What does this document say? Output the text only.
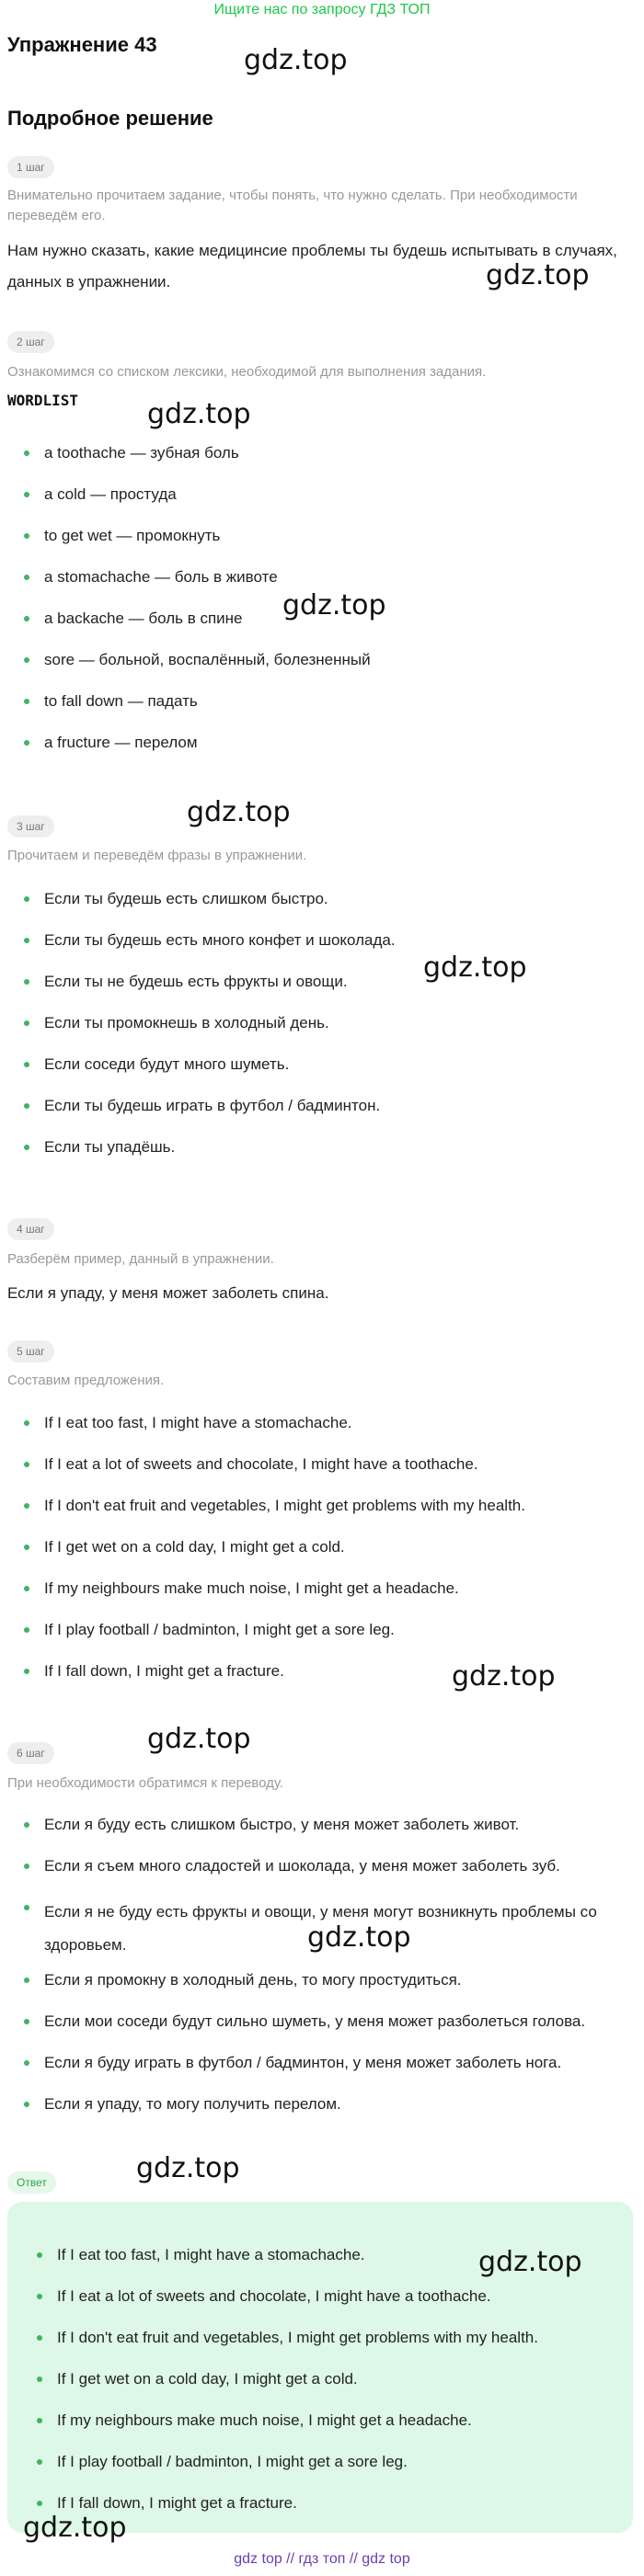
Ищите нас по запросу ГДЗ ТОП
Упражнение 43
Подробное решение
1 шаг
Внимательно прочитаем задание, чтобы понять, что нужно сделать. При необходимости переведём его.
Нам нужно сказать, какие медицинсие проблемы ты будешь испытывать в случаях, данных в упражнении.
2 шаг
Ознакомимся со списком лексики, необходимой для выполнения задания.
WORDLIST
a toothache — зубная боль
a cold — простуда
to get wet — промокнуть
a stomachache — боль в животе
a backache — боль в спине
sore — больной, воспалённый, болезненный
to fall down — падать
a fructure — перелом
3 шаг
Прочитаем и переведём фразы в упражнении.
Если ты будешь есть слишком быстро.
Если ты будешь есть много конфет и шоколада.
Если ты не будешь есть фрукты и овощи.
Если ты промокнешь в холодный день.
Если соседи будут много шуметь.
Если ты будешь играть в футбол / бадминтон.
Если ты упадёшь.
4 шаг
Разберём пример, данный в упражнении.
Если я упаду, у меня может заболеть спина.
5 шаг
Составим предложения.
If I eat too fast, I might have a stomachache.
If I eat a lot of sweets and chocolate, I might have a toothache.
If I don't eat fruit and vegetables, I might get problems with my health.
If I get wet on a cold day, I might get a cold.
If my neighbours make much noise, I might get a headache.
If I play football / badminton, I might get a sore leg.
If I fall down, I might get a fracture.
6 шаг
При необходимости обратимся к переводу.
Если я буду есть слишком быстро, у меня может заболеть живот.
Если я съем много сладостей и шоколада, у меня может заболеть зуб.
Если я не буду есть фрукты и овощи, у меня могут возникнуть проблемы со здоровьем.
Если я промокну в холодный день, то могу простудиться.
Если мои соседи будут сильно шуметь, у меня может разболеться голова.
Если я буду играть в футбол / бадминтон, у меня может заболеть нога.
Если я упаду, то могу получить перелом.
Ответ
If I eat too fast, I might have a stomachache.
If I eat a lot of sweets and chocolate, I might have a toothache.
If I don't eat fruit and vegetables, I might get problems with my health.
If I get wet on a cold day, I might get a cold.
If my neighbours make much noise, I might get a headache.
If I play football / badminton, I might get a sore leg.
If I fall down, I might get a fracture.
gdz.top
gdz.top
gdz.top
gdz.top
gdz.top
gdz.top
gdz.top
gdz.top
gdz.top
gdz.top
gdz.top
gdz.top
gdz top // гдз топ // gdz top
